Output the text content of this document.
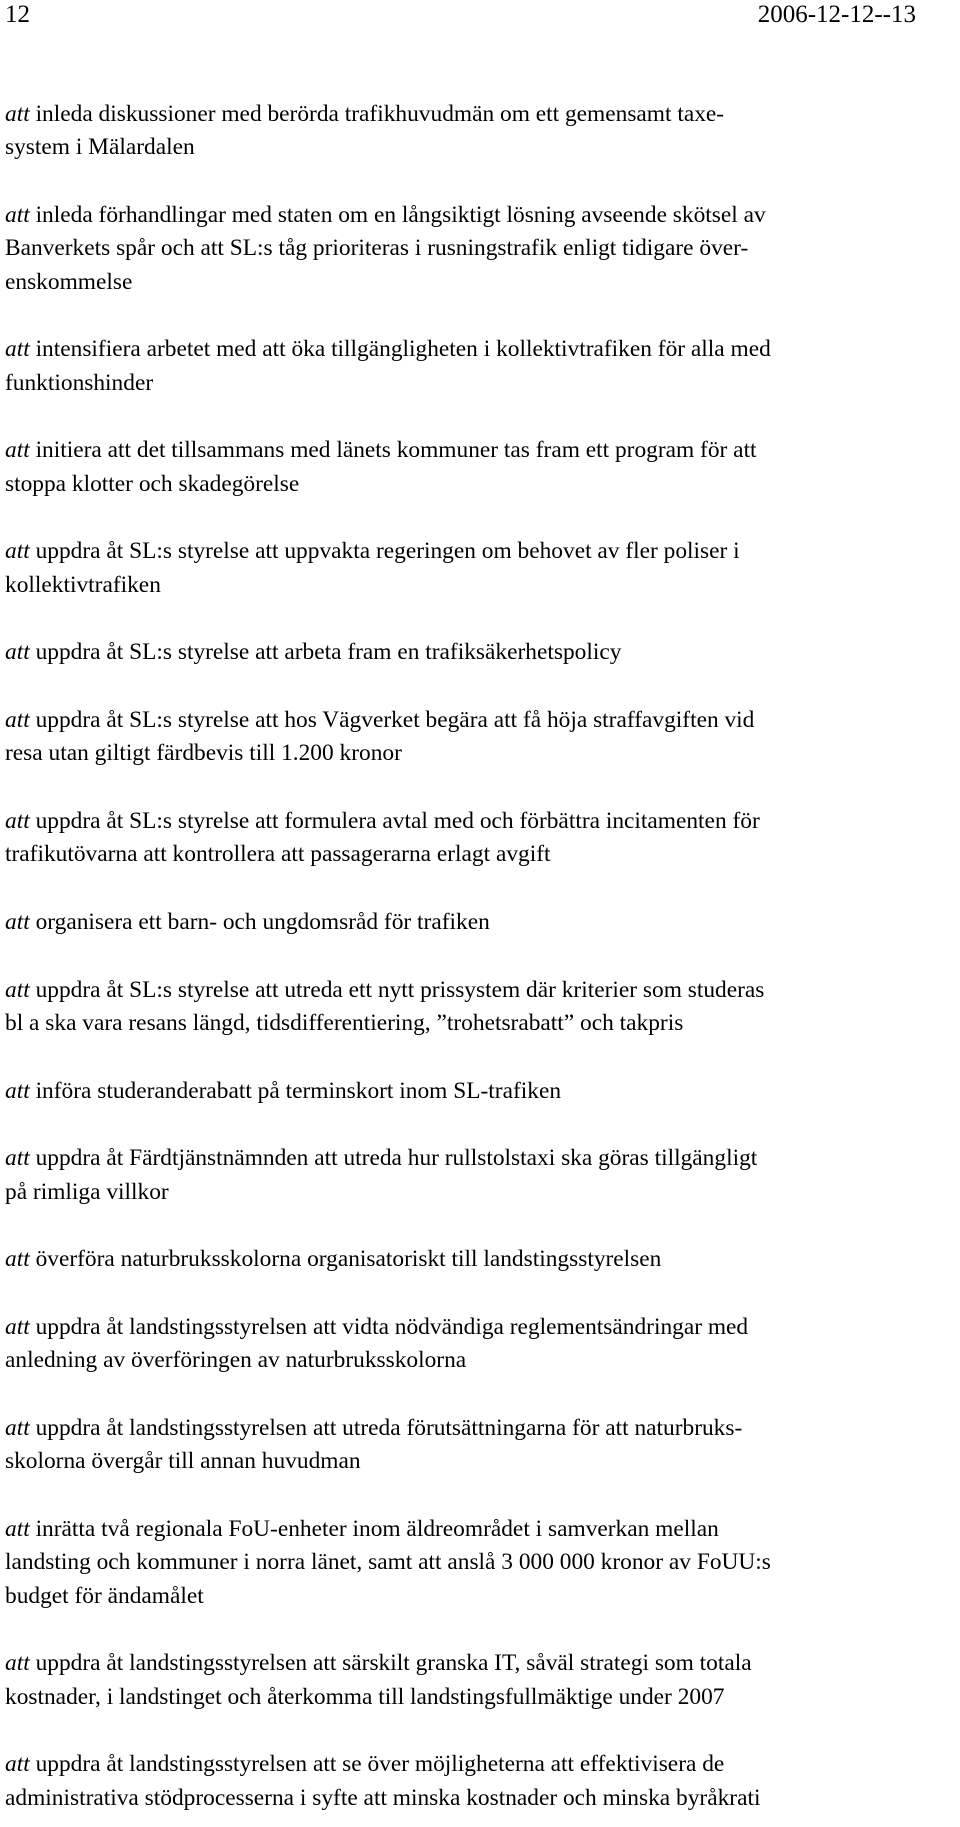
12	2006-12-12--13
att inleda diskussioner med berörda trafikhuvudmän om ett gemensamt taxe-
system i Mälardalen
att inleda förhandlingar med staten om en långsiktigt lösning avseende skötsel av
Banverkets spår och att SL:s tåg prioriteras i rusningstrafik enligt tidigare över-
enskommelse
att intensifiera arbetet med att öka tillgängligheten i kollektivtrafiken för alla med
funktionshinder
att initiera att det tillsammans med länets kommuner tas fram ett program för att
stoppa klotter och skadegörelse
att uppdra åt SL:s styrelse att uppvakta regeringen om behovet av fler poliser i
kollektivtrafiken
att uppdra åt SL:s styrelse att arbeta fram en trafiksäkerhetspolicy
att uppdra åt SL:s styrelse att hos Vägverket begära att få höja straffavgiften vid
resa utan giltigt färdbevis till 1.200 kronor
att uppdra åt SL:s styrelse att formulera avtal med och förbättra incitamenten för
trafikutövarna att kontrollera att passagerarna erlagt avgift
att organisera ett barn- och ungdomsråd för trafiken
att uppdra åt SL:s styrelse att utreda ett nytt prissystem där kriterier som studeras
bl a ska vara resans längd, tidsdifferentiering, ”trohetsrabatt” och takpris
att införa studeranderabatt på terminskort inom SL-trafiken
att uppdra åt Färdtjänstnämnden att utreda hur rullstolstaxi ska göras tillgängligt
på rimliga villkor
att överföra naturbruksskolorna organisatoriskt till landstingsstyrelsen
att uppdra åt landstingsstyrelsen att vidta nödvändiga reglementsändringar med
anledning av överföringen av naturbruksskolorna
att uppdra åt landstingsstyrelsen att utreda förutsättningarna för att naturbruks-
skolorna övergår till annan huvudman
att inrätta två regionala FoU-enheter inom äldreområdet i samverkan mellan
landsting och kommuner i norra länet, samt att anslå 3 000 000 kronor av FoUU:s
budget för ändamålet
att uppdra åt landstingsstyrelsen att särskilt granska IT, såväl strategi som totala
kostnader, i landstinget och återkomma till landstingsfullmäktige under 2007
att uppdra åt landstingsstyrelsen att se över möjligheterna att effektivisera de
administrativa stödprocesserna i syfte att minska kostnader och minska byråkrati
